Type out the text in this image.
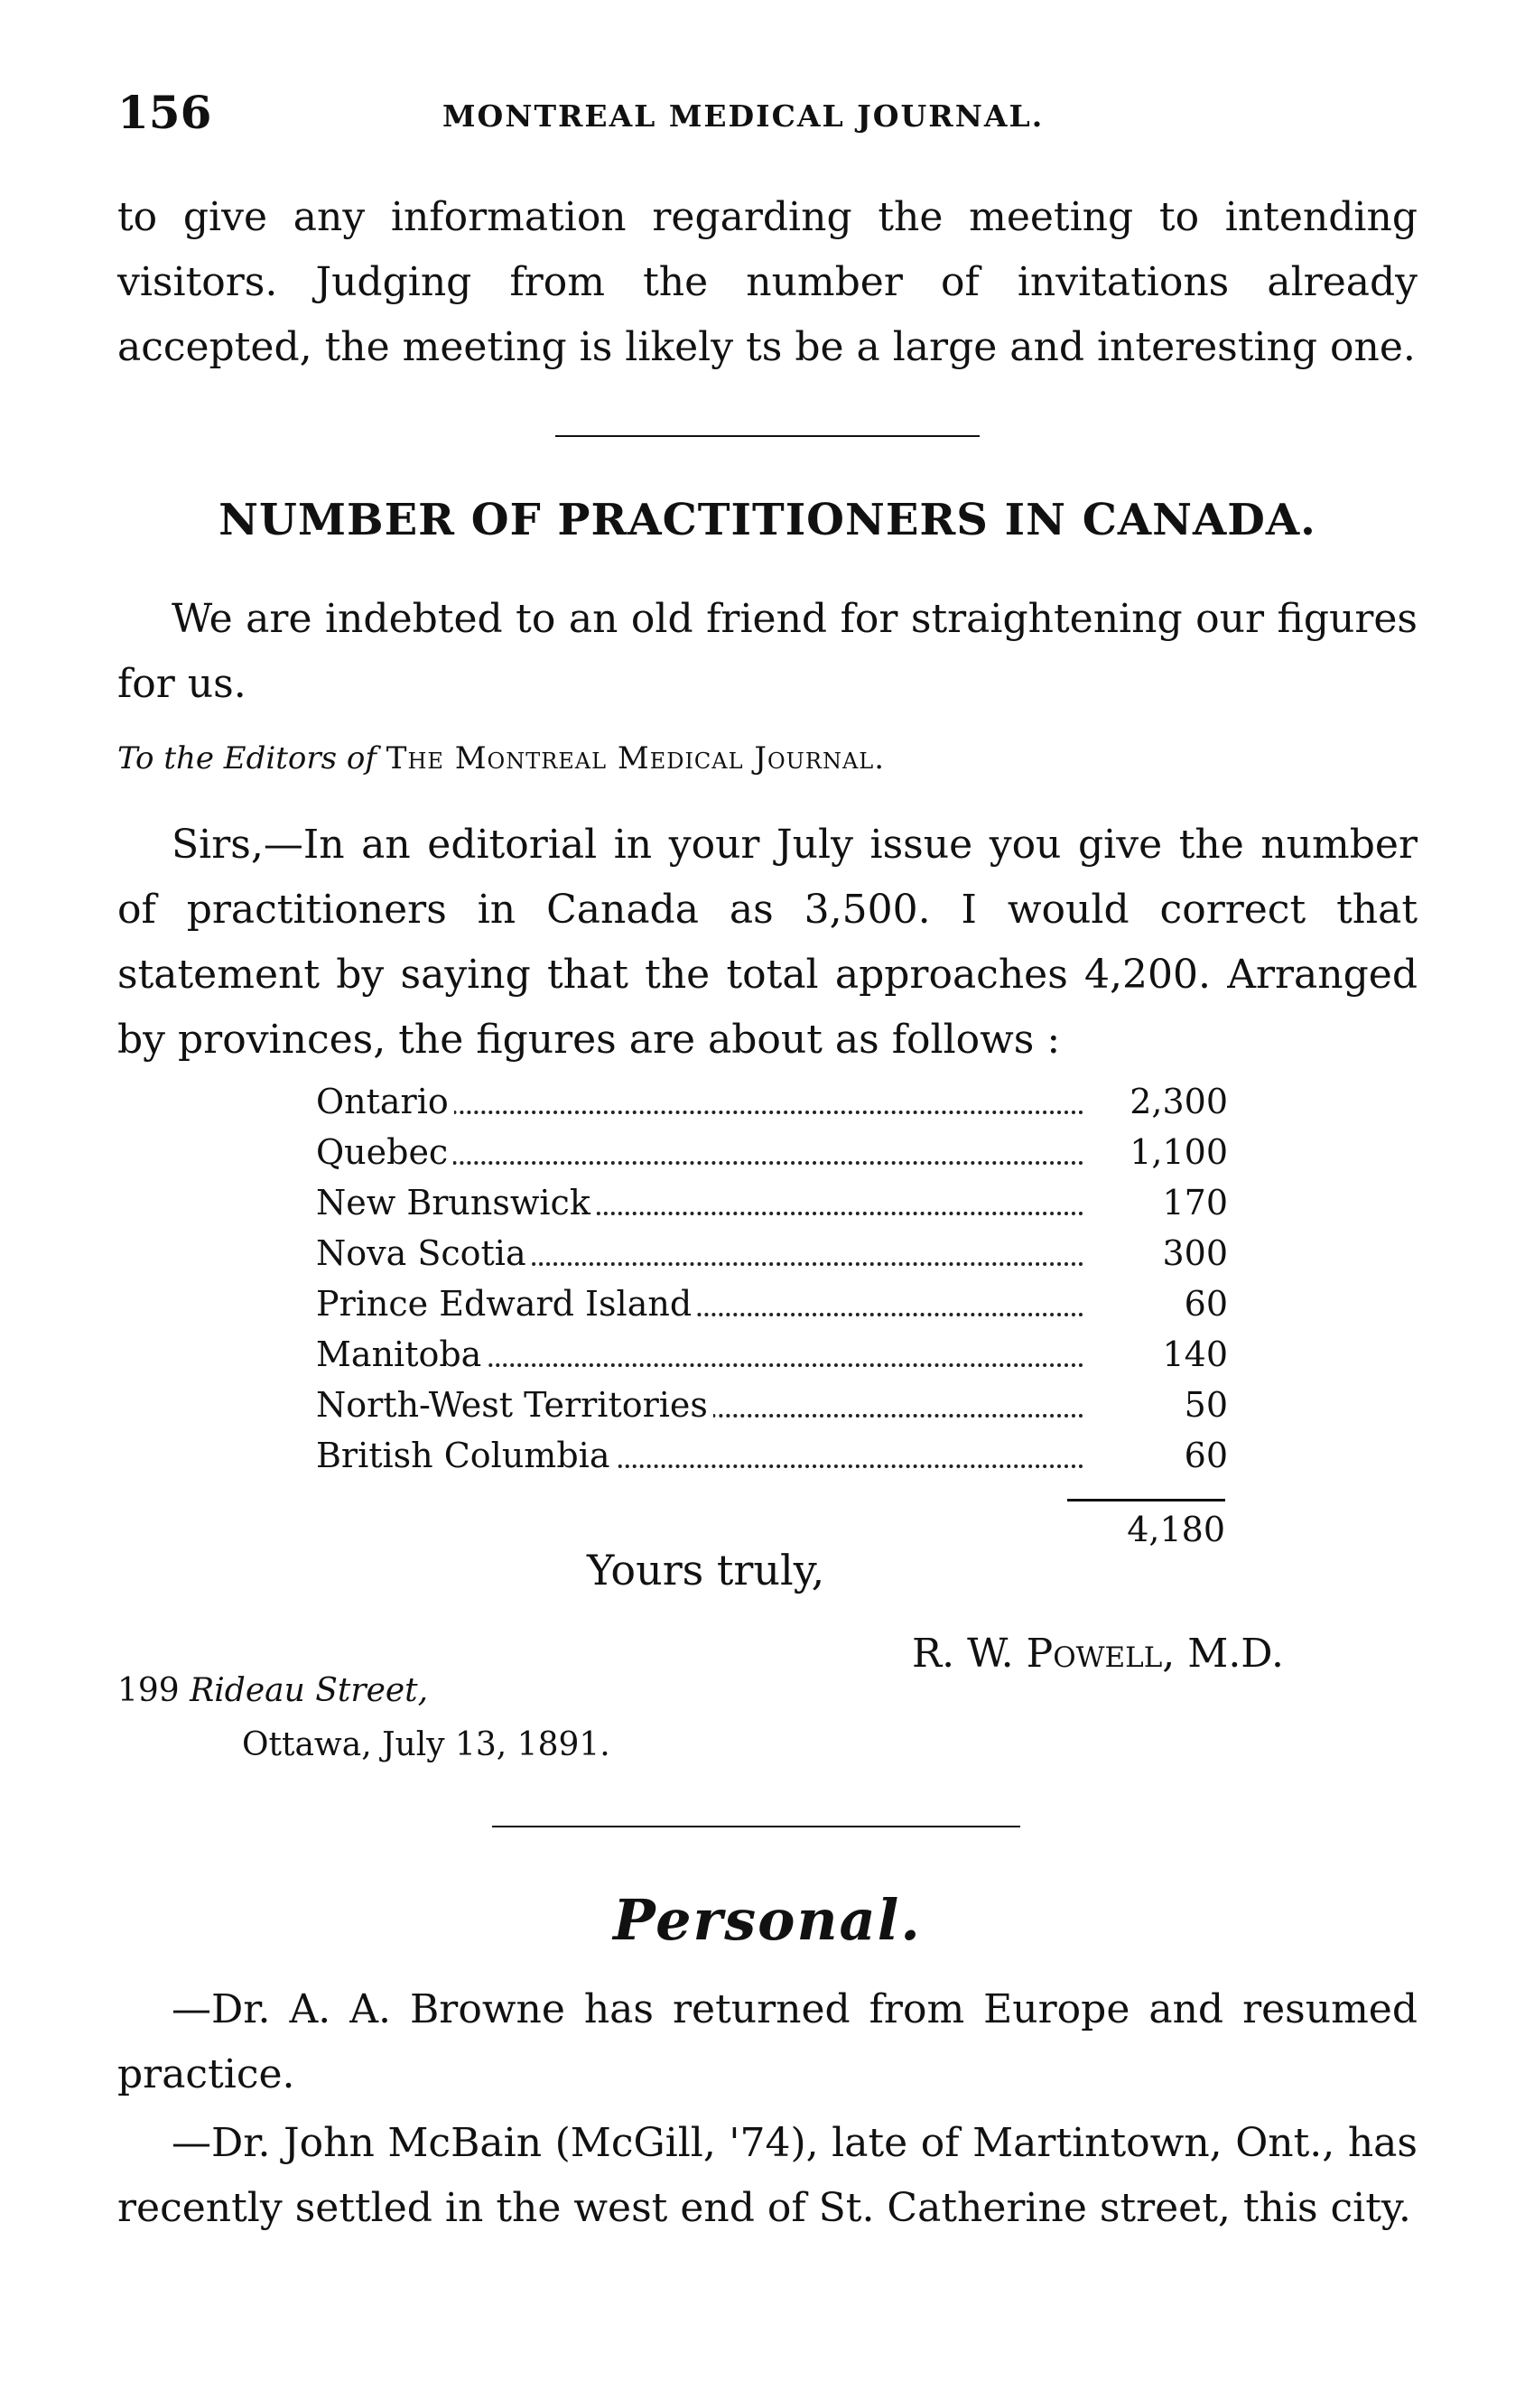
156	MONTREAL MEDICAL JOURNAL.

to give any information regarding the meeting to intending visitors. Judging from the number of invitations already accepted, the meeting is likely ts be a large and interesting one.

NUMBER OF PRACTITIONERS IN CANADA.

We are indebted to an old friend for straightening our figures for us.

To the Editors of The Montreal Medical Journal.

Sirs,—In an editorial in your July issue you give the number of practitioners in Canada as 3,500. I would correct that statement by saying that the total approaches 4,200. Arranged by provinces, the figures are about as follows :

Ontario	2,300
Quebec	1,100
New Brunswick	170
Nova Scotia	300
Prince Edward Island	60
Manitoba	140
North-West Territories	50
British Columbia	60
4,180
Yours truly,
R. W. Powell, M.D.
199 Rideau Street,
Ottawa, July 13, 1891.
Personal.

—Dr. A. A. Browne has returned from Europe and resumed practice.

—Dr. John McBain (McGill, '74), late of Martintown, Ont., has recently settled in the west end of St. Catherine street, this city.
